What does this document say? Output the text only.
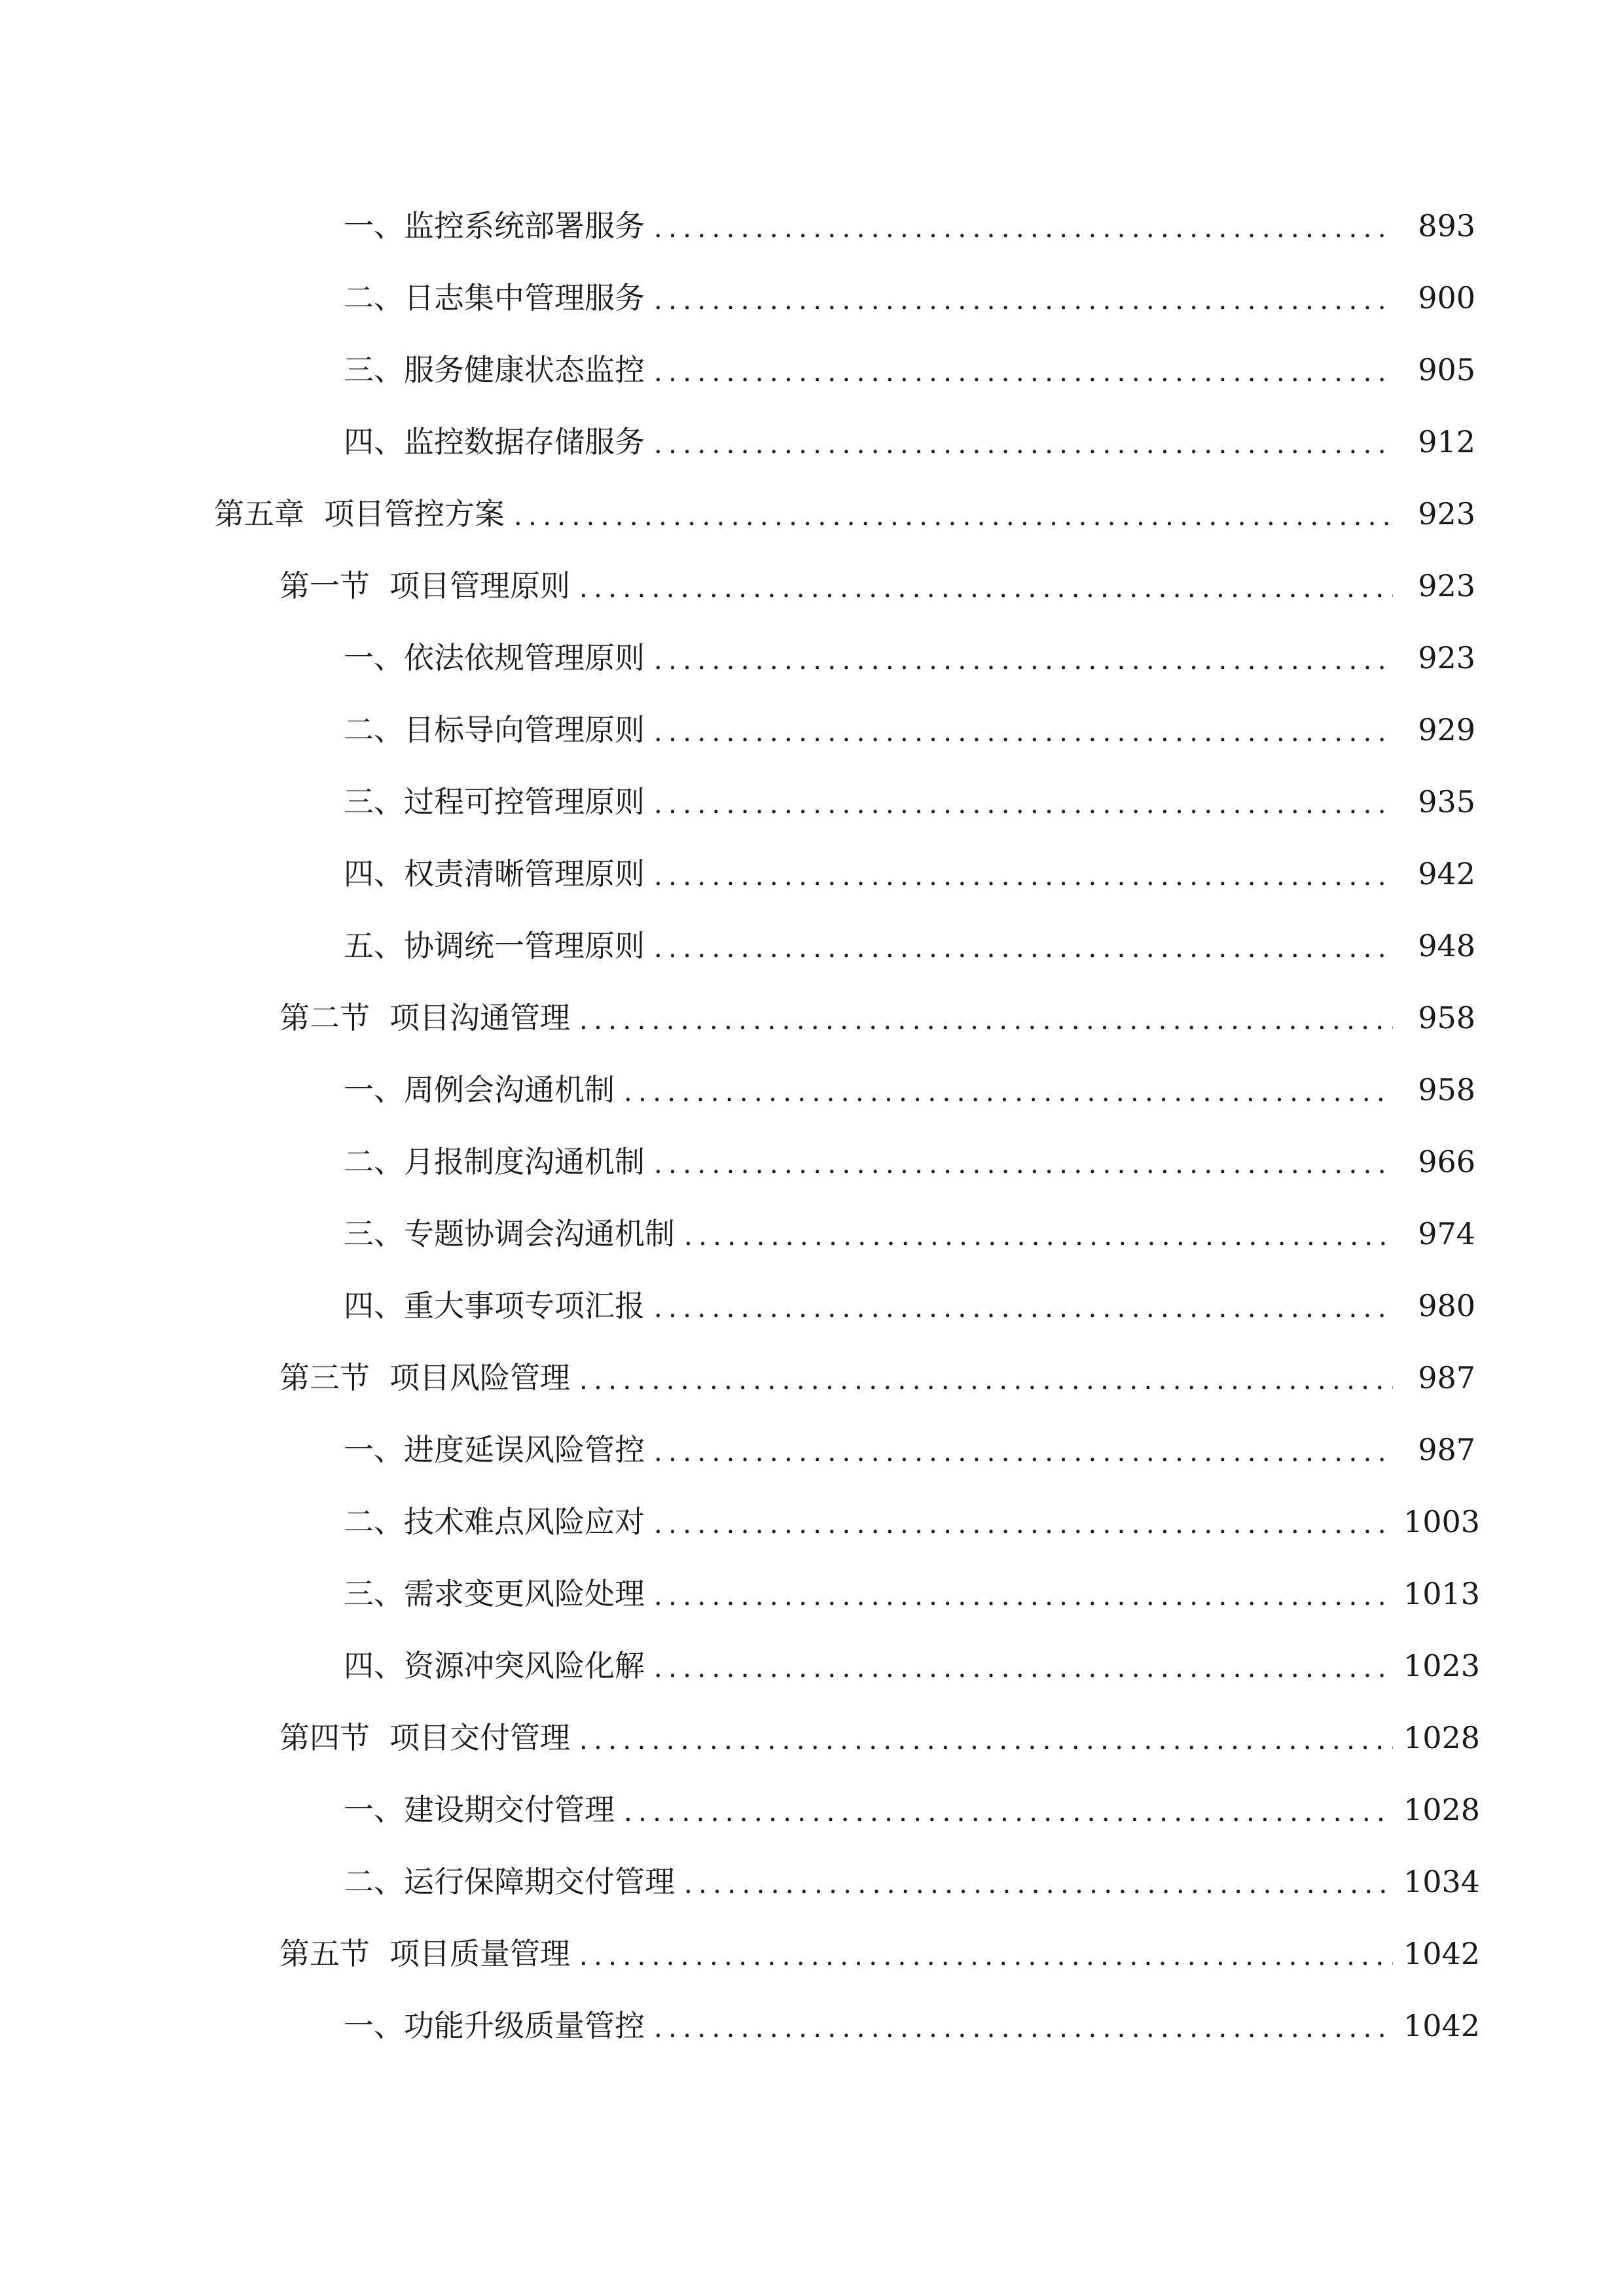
一、 监控系统部署服务 .....	893
二、 日志集中管理服务 .....	900
三、 服务健康状态监控 .....	905
四、 监控数据存储服务 .....	912
第五章 项目管控方案 .....	923
第一节 项目管理原则 .....	923
一、 依法依规管理原则 .....	923
二、 目标导向管理原则 .....	929
三、 过程可控管理原则 .....	935
四、 权责清晰管理原则 .....	942
五、 协调统一管理原则 .....	948
第二节 项目沟通管理 .....	958
一、 周例会沟通机制 .....	958
二、 月报制度沟通机制 .....	966
三、 专题协调会沟通机制 .....	974
四、 重大事项专项汇报 .....	980
第三节 项目风险管理 .....	987
一、 进度延误风险管控 .....	987
二、 技术难点风险应对 .....	1003
三、 需求变更风险处理 .....	1013
四、 资源冲突风险化解 .....	1023
第四节 项目交付管理 .....	1028
一、 建设期交付管理 .....	1028
二、 运行保障期交付管理 .....	1034
第五节 项目质量管理 .....	1042
一、 功能升级质量管控 .....	1042
